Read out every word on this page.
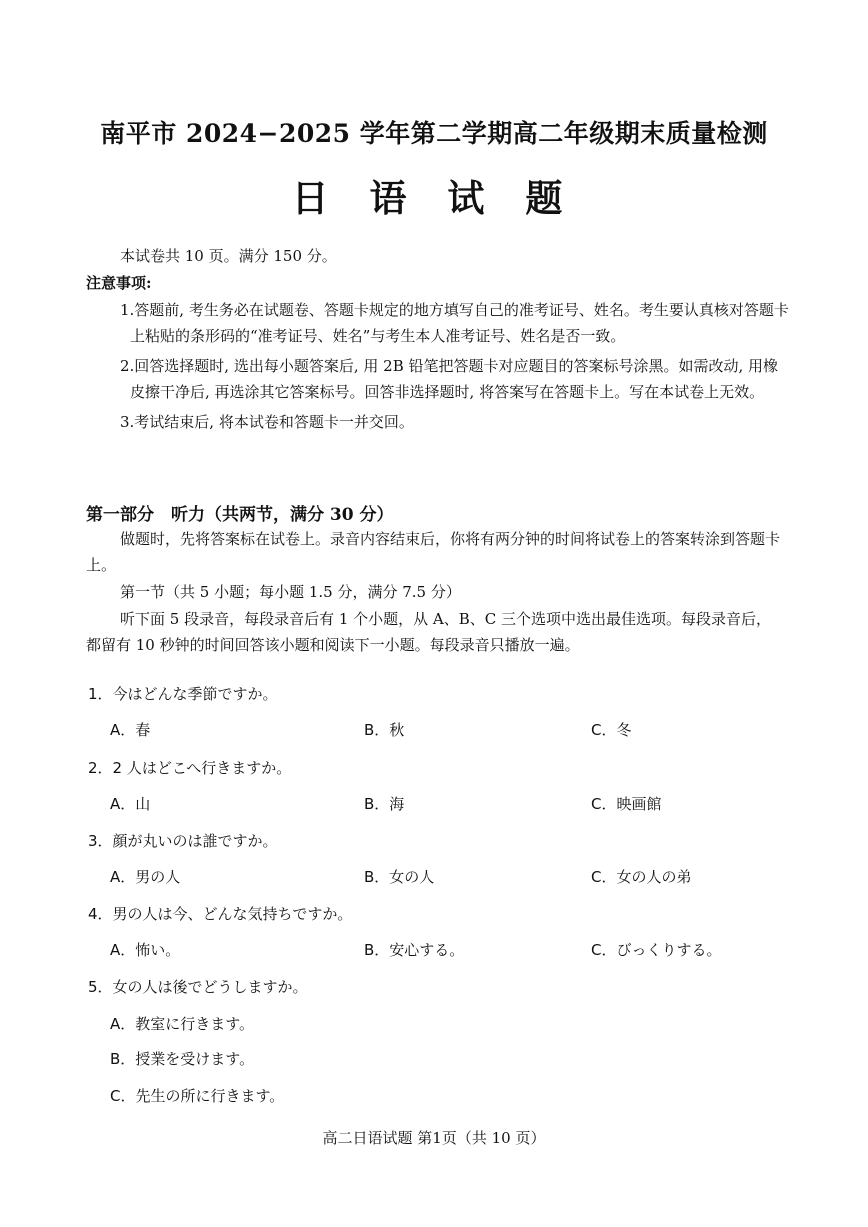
南平市 2024−2025 学年第二学期高二年级期末质量检测
日 语 试 题
本试卷共 10 页。满分 150 分。
注意事项:
1.答题前, 考生务必在试题卷、答题卡规定的地方填写自己的准考证号、姓名。考生要认真核对答题卡上粘贴的条形码的“准考证号、姓名”与考生本人准考证号、姓名是否一致。
2.回答选择题时, 选出每小题答案后, 用 2B 铅笔把答题卡对应题目的答案标号涂黑。如需改动, 用橡皮擦干净后, 再选涂其它答案标号。回答非选择题时, 将答案写在答题卡上。写在本试卷上无效。
3.考试结束后, 将本试卷和答题卡一并交回。
第一部分　听力（共两节，满分 30 分）
做题时，先将答案标在试卷上。录音内容结束后，你将有两分钟的时间将试卷上的答案转涂到答题卡上。
第一节（共 5 小题；每小题 1.5 分，满分 7.5 分）
听下面 5 段录音，每段录音后有 1 个小题，从 A、B、C 三个选项中选出最佳选项。每段录音后，都留有 10 秒钟的时间回答该小题和阅读下一小题。每段录音只播放一遍。
1．今はどんな季節ですか。
A．春	B．秋	C．冬
2．2 人はどこへ行きますか。
A．山	B．海	C．映画館
3．顔が丸いのは誰ですか。
A．男の人	B．女の人	C．女の人の弟
4．男の人は今、どんな気持ちですか。
A．怖い。	B．安心する。	C．びっくりする。
5．女の人は後でどうしますか。
A．教室に行きます。
B．授業を受けます。
C．先生の所に行きます。
高二日语试题 第1页（共 10 页）
